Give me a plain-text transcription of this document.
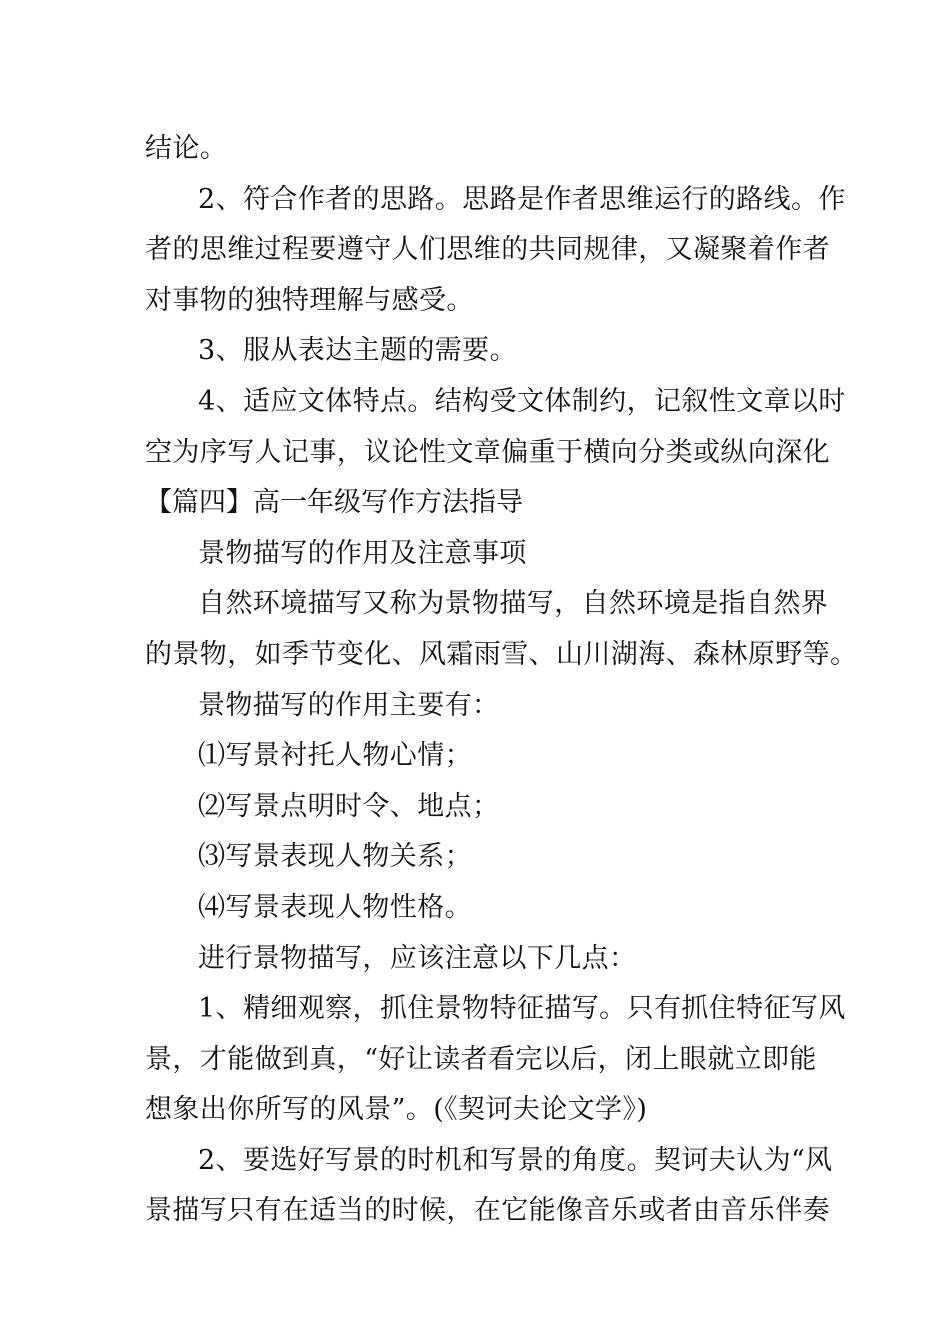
结论。
2、符合作者的思路。思路是作者思维运行的路线。作
者的思维过程要遵守人们思维的共同规律，又凝聚着作者
对事物的独特理解与感受。
3、服从表达主题的需要。
4、适应文体特点。结构受文体制约，记叙性文章以时
空为序写人记事，议论性文章偏重于横向分类或纵向深化
【篇四】高一年级写作方法指导
景物描写的作用及注意事项
自然环境描写又称为景物描写，自然环境是指自然界
的景物，如季节变化、风霜雨雪、山川湖海、森林原野等。
景物描写的作用主要有：
⑴写景衬托人物心情；
⑵写景点明时令、地点；
⑶写景表现人物关系；
⑷写景表现人物性格。
进行景物描写，应该注意以下几点：
1、精细观察，抓住景物特征描写。只有抓住特征写风
景，才能做到真，“好让读者看完以后，闭上眼就立即能
想象出你所写的风景”。(《契诃夫论文学》)
2、要选好写景的时机和写景的角度。契诃夫认为“风
景描写只有在适当的时候，在它能像音乐或者由音乐伴奏
